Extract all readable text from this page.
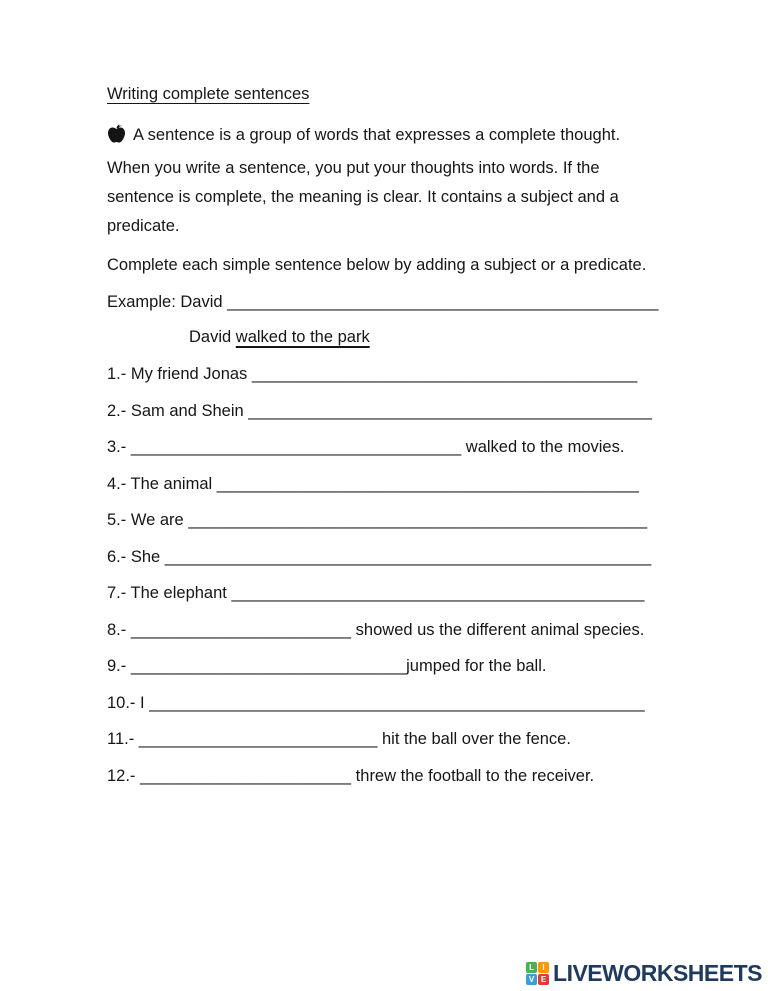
Writing complete sentences
A sentence is a group of words that expresses a complete thought. When you write a sentence, you put your thoughts into words. If the sentence is complete, the meaning is clear. It contains a subject and a predicate.
Complete each simple sentence below by adding a subject or a predicate.
Example: David _______________________________________________
David walked to the park
1.- My friend Jonas __________________________________________
2.- Sam and Shein ____________________________________________
3.- ____________________________________ walked to the movies.
4.- The animal ______________________________________________
5.- We are __________________________________________________
6.- She _____________________________________________________
7.- The elephant _____________________________________________
8.- ________________________ showed us the different animal species.
9.- ______________________________jumped for the ball.
10.- I ______________________________________________________
11.- __________________________ hit the ball over the fence.
12.- _______________________ threw the football to the receiver.
L	I
V E LIVEWORKSHEETS
